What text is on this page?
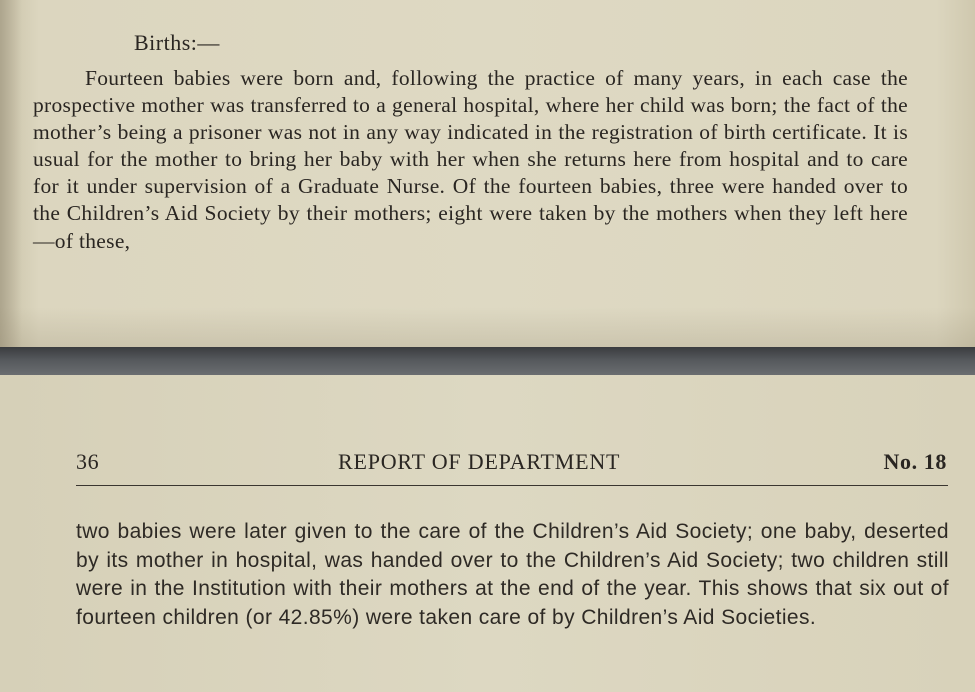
Births:—

Fourteen babies were born and, following the practice of many years, in each case the prospective mother was transferred to a general hospital, where her child was born; the fact of the mother’s being a prisoner was not in any way indicated in the registration of birth certificate. It is usual for the mother to bring her baby with her when she returns here from hospital and to care for it under supervision of a Graduate Nurse. Of the fourteen babies, three were handed over to the Children’s Aid Society by their mothers; eight were taken by the mothers when they left here—of these,

36	REPORT OF DEPARTMENT	No. 18

two babies were later given to the care of the Children’s Aid Society; one baby, deserted by its mother in hospital, was handed over to the Children’s Aid Society; two children still were in the Institution with their mothers at the end of the year. This shows that six out of fourteen children (or 42.85%) were taken care of by Children’s Aid Societies.
